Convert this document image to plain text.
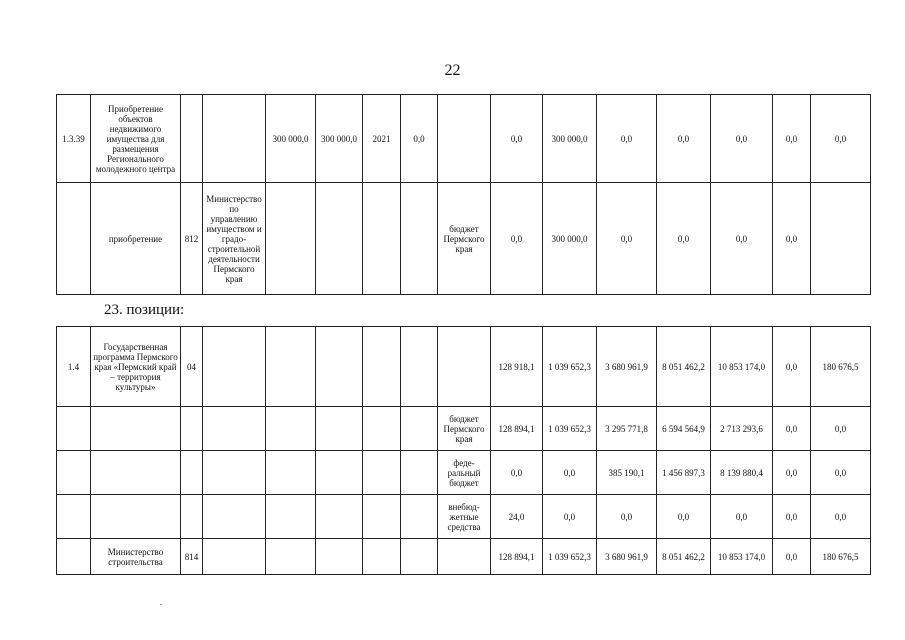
22
1.3.39	Приобретение объектов недвижимого имущества для размещения Регионального молодежного центра			300 000,0	300 000,0	2021	0,0		0,0	300 000,0	0,0	0,0	0,0	0,0	0,0
	приобретение	812	Министерство по управлению имуществом и градо-строительной деятельности Пермского края					бюджет Пермского края	0,0	300 000,0	0,0	0,0	0,0	0,0	
23. позиции:
1.4	Государственная программа Пермского края «Пермский край – территория культуры»	04							128 918,1	1 039 652,3	3 680 961,9	8 051 462,2	10 853 174,0	0,0	180 676,5
								бюджет Пермского края	128 894,1	1 039 652,3	3 295 771,8	6 594 564,9	2 713 293,6	0,0	0,0
								феде-ральный бюджет	0,0	0,0	385 190,1	1 456 897,3	8 139 880,4	0,0	0,0
								внебюд-жетные средства	24,0	0,0	0,0	0,0	0,0	0,0	0,0
	Министерство строительства	814							128 894,1	1 039 652,3	3 680 961,9	8 051 462,2	10 853 174,0	0,0	180 676,5
